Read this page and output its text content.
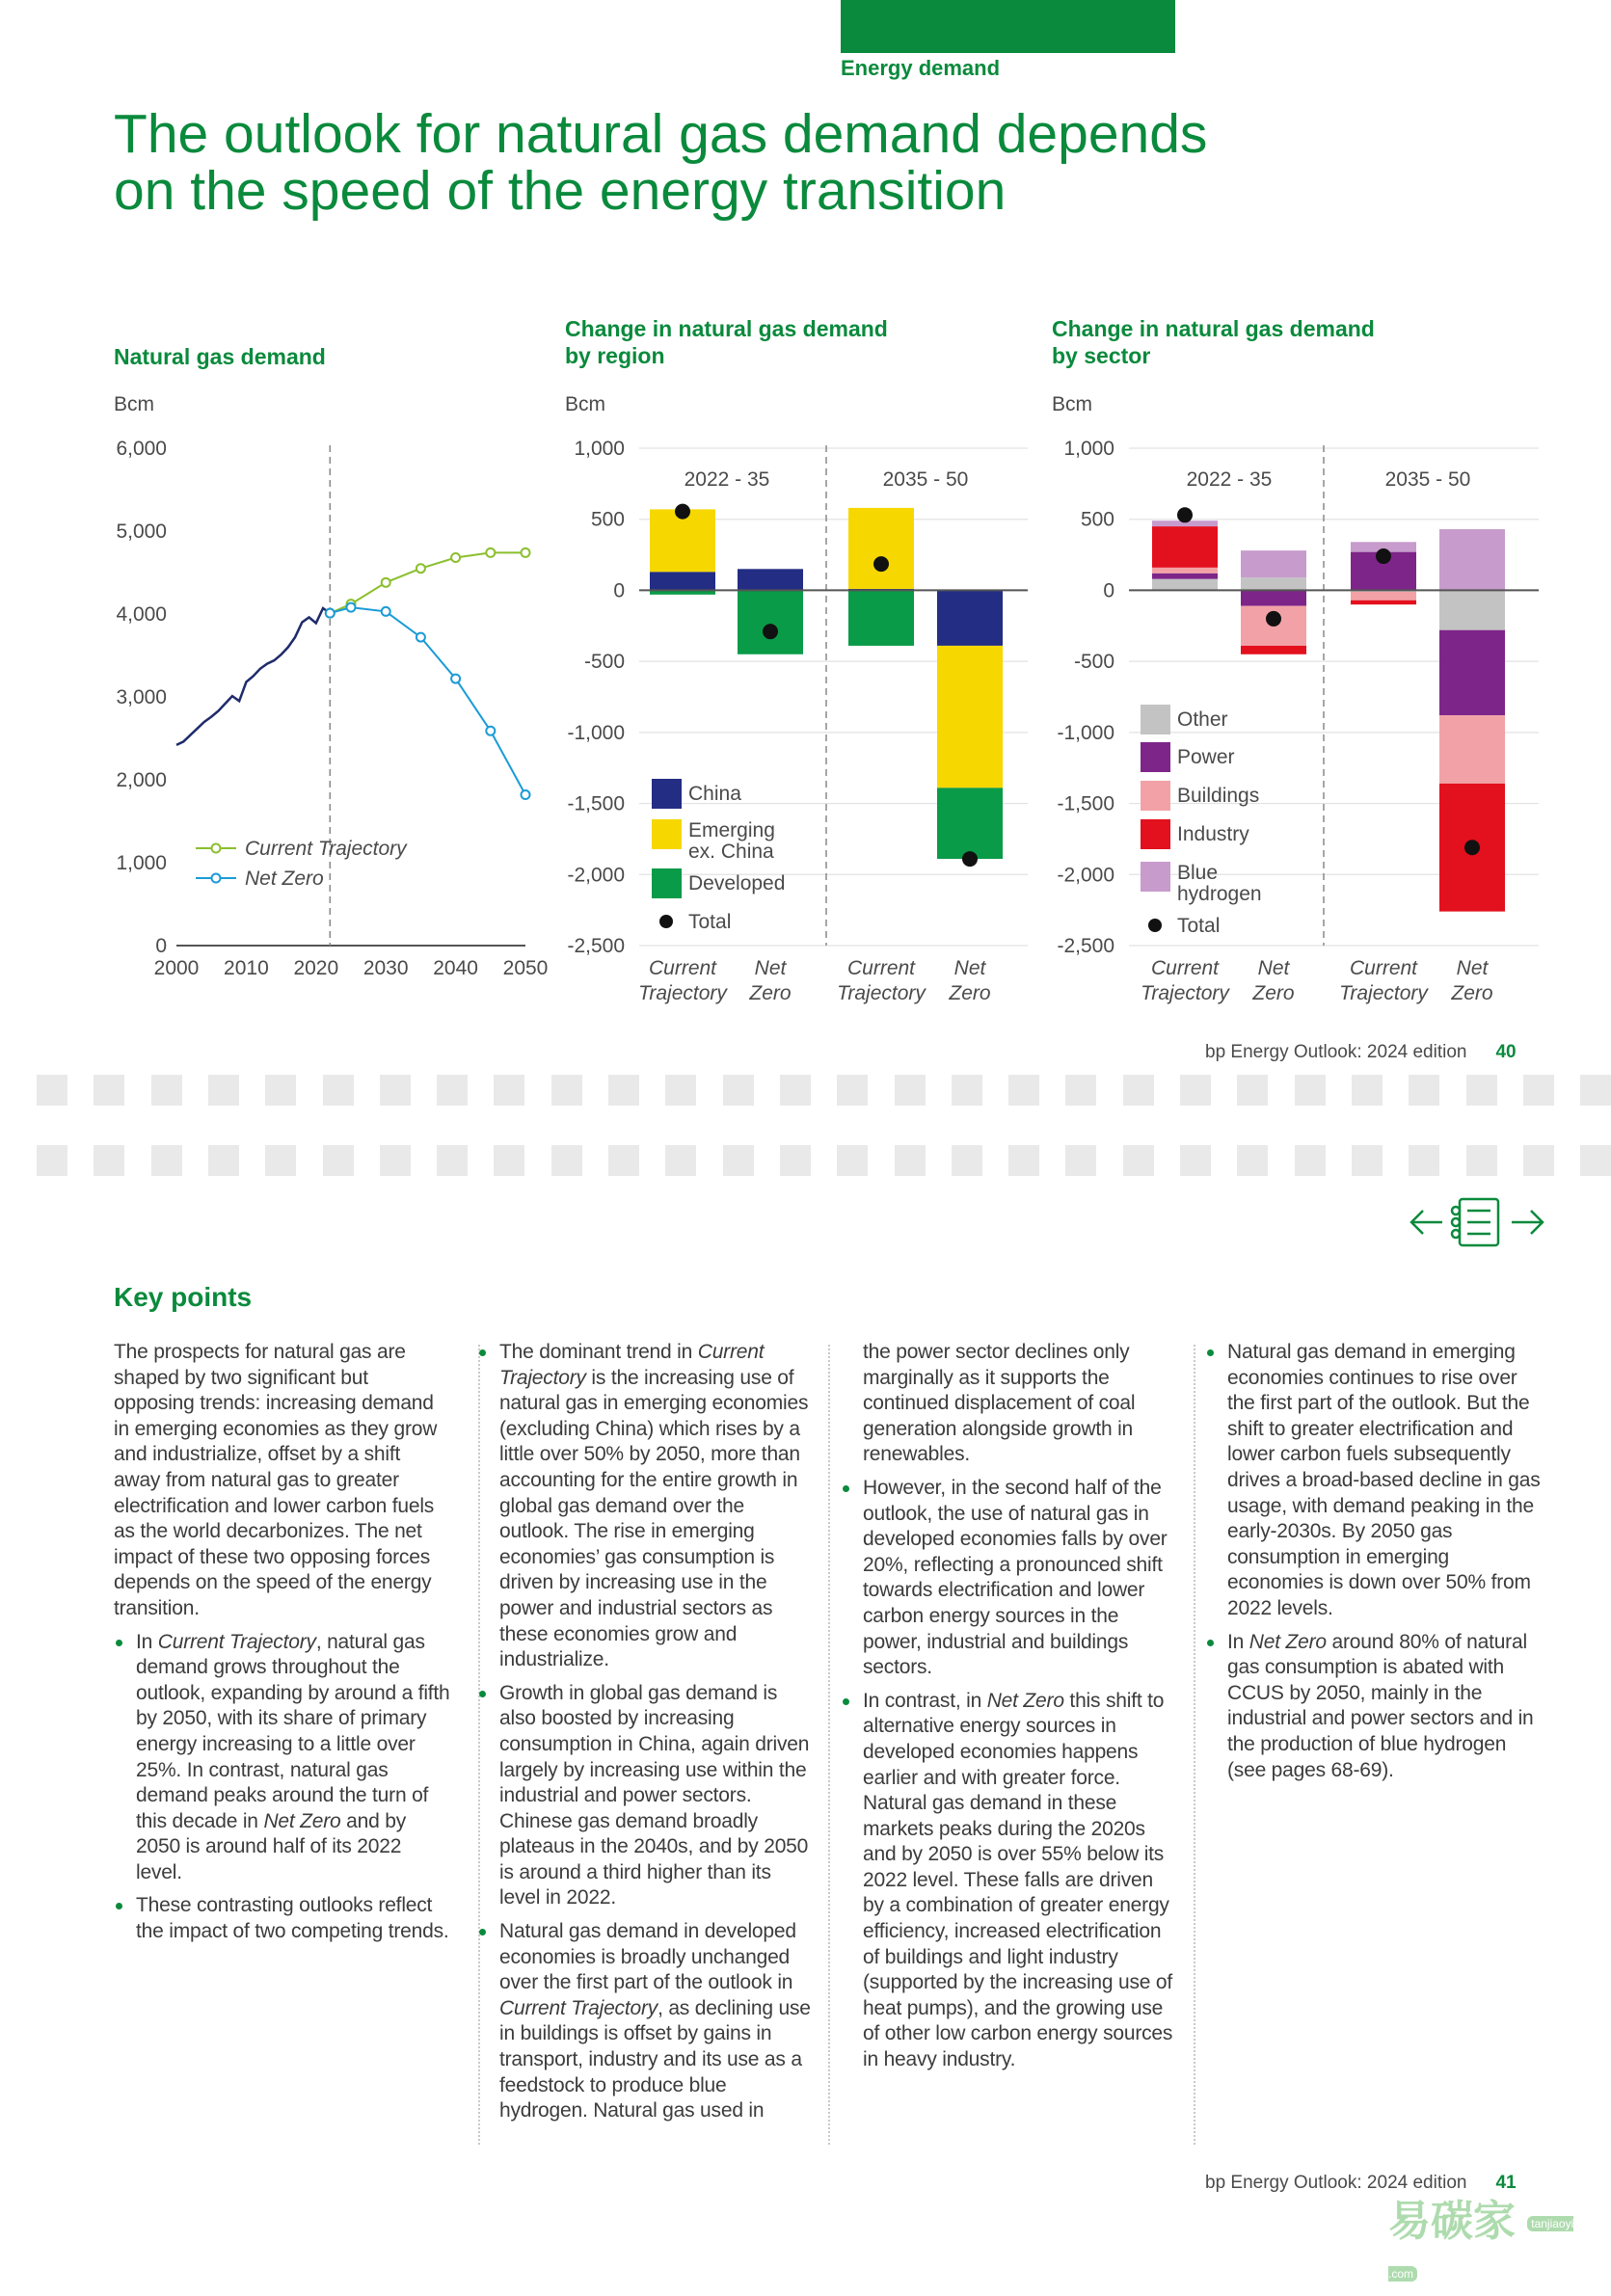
Energy demand
The outlook for natural gas demand depends
on the speed of the energy transition
Natural gas demand
Change in natural gas demand by region
Change in natural gas demand by sector
Bcm	Bcm	Bcm
0
1,000
2,000
3,000
4,000
5,000
6,000
2000 2010 2020 2030 2040 2050
Current Trajectory
Net Zero
1,000
500
0
-500
-1,000
-1,500
-2,000
-2,500
2022 - 35	2035 - 50
Current
Trajectory
Net
Zero
Current
Trajectory
Net
Zero
China
Emerging
ex. China
Developed
Total
1,000
500
0
-500
-1,000
-1,500
-2,000
-2,500
2022 - 35	2035 - 50
Current
Trajectory
Net
Zero
Current
Trajectory
Net
Zero
Other
Power
Buildings
Industry
Blue
hydrogen
Total
bp Energy Outlook: 2024 edition 40
Key points

The prospects for natural gas are shaped by two significant but opposing trends: increasing demand in emerging economies as they grow and industrialize, offset by a shift away from natural gas to greater electrification and lower carbon fuels as the world decarbonizes. The net impact of these two opposing forces depends on the speed of the energy transition.

In Current Trajectory, natural gas demand grows throughout the outlook, expanding by around a fifth by 2050, with its share of primary energy increasing to a little over 25%. In contrast, natural gas demand peaks around the turn of this decade in Net Zero and by 2050 is around half of its 2022 level.
These contrasting outlooks reflect the impact of two competing trends.
The dominant trend in Current Trajectory is the increasing use of natural gas in emerging economies (excluding China) which rises by a little over 50% by 2050, more than accounting for the entire growth in global gas demand over the outlook. The rise in emerging economies’ gas consumption is driven by increasing use in the power and industrial sectors as these economies grow and industrialize.
Growth in global gas demand is also boosted by increasing consumption in China, again driven largely by increasing use within the industrial and power sectors. Chinese gas demand broadly plateaus in the 2040s, and by 2050 is around a third higher than its level in 2022.
Natural gas demand in developed economies is broadly unchanged over the first part of the outlook in Current Trajectory, as declining use in buildings is offset by gains in transport, industry and its use as a feedstock to produce blue hydrogen. Natural gas used in
the power sector declines only marginally as it supports the continued displacement of coal generation alongside growth in renewables.
However, in the second half of the outlook, the use of natural gas in developed economies falls by over 20%, reflecting a pronounced shift towards electrification and lower carbon energy sources in the power, industrial and buildings sectors.
In contrast, in Net Zero this shift to alternative energy sources in developed economies happens earlier and with greater force. Natural gas demand in these markets peaks during the 2020s and by 2050 is over 55% below its 2022 level. These falls are driven by a combination of greater energy efficiency, increased electrification of buildings and light industry (supported by the increasing use of heat pumps), and the growing use of other low carbon energy sources in heavy industry.
Natural gas demand in emerging economies continues to rise over the first part of the outlook. But the shift to greater electrification and lower carbon fuels subsequently drives a broad-based decline in gas usage, with demand peaking in the early-2030s. By 2050 gas consumption in emerging economies is down over 50% from 2022 levels.
In Net Zero around 80% of natural gas consumption is abated with CCUS by 2050, mainly in the industrial and power sectors and in the production of blue hydrogen (see pages 68-69).
bp Energy Outlook: 2024 edition 41
易碳家 tanjiaoyi .com
